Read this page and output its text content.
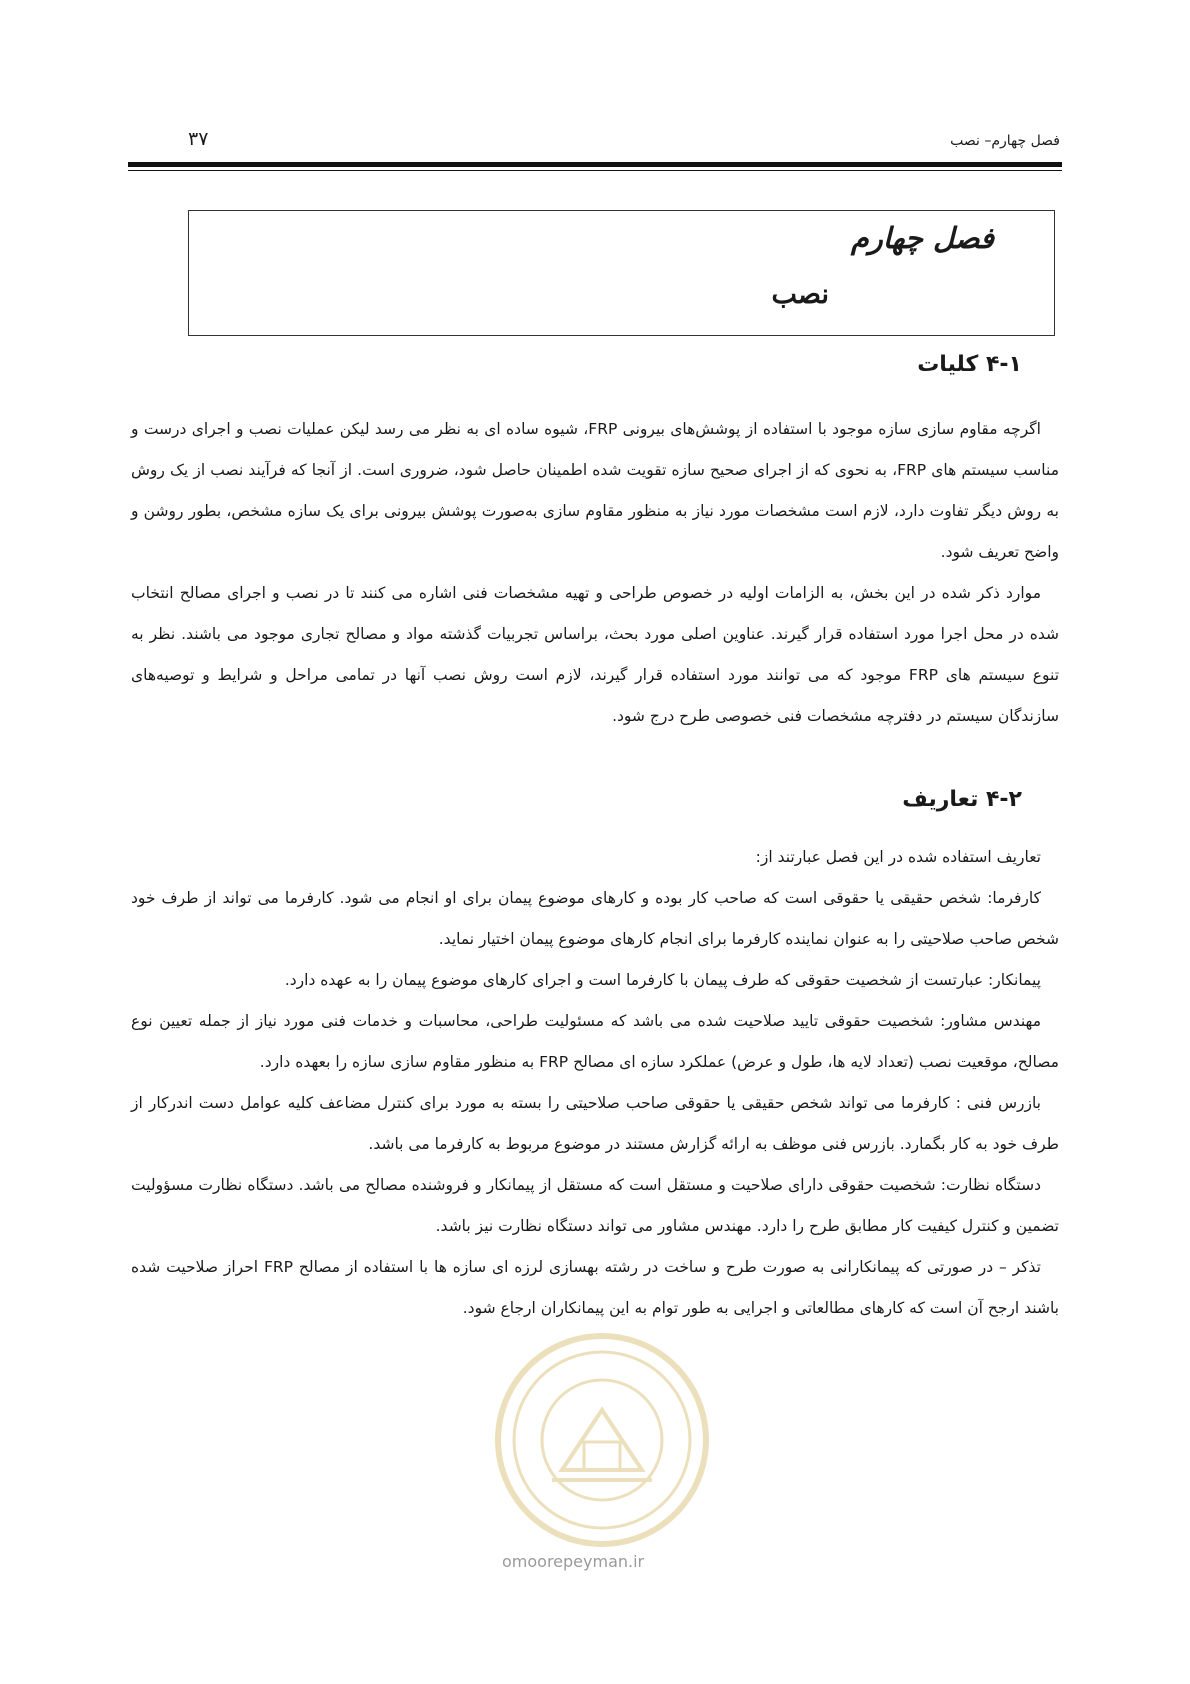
فصل چهارم– نصب
۳۷
فصل چهارم
نصب
۴-۱ کلیات

اگرچه مقاوم سازی سازه موجود با استفاده از پوشش‌های بیرونی FRP، شیوه ساده ای به نظر می رسد لیکن عملیات نصب و اجرای درست و مناسب سیستم های FRP، به نحوی که از اجرای صحیح سازه تقویت شده اطمینان حاصل شود، ضروری است. از آنجا که فرآیند نصب از یک روش به روش دیگر تفاوت دارد، لازم است مشخصات مورد نیاز به منظور مقاوم سازی به‌صورت پوشش بیرونی برای یک سازه مشخص، بطور روشن و واضح تعریف شود.

موارد ذکر شده در این بخش، به الزامات اولیه در خصوص طراحی و تهیه مشخصات فنی اشاره می کنند تا در نصب و اجرای مصالح انتخاب شده در محل اجرا مورد استفاده قرار گیرند. عناوین اصلی مورد بحث، براساس تجربیات گذشته مواد و مصالح تجاری موجود می باشند. نظر به تنوع سیستم های FRP موجود که می توانند مورد استفاده قرار گیرند، لازم است روش نصب آنها در تمامی مراحل و شرایط و توصیه‌های سازندگان سیستم در دفترچه مشخصات فنی خصوصی طرح درج شود.

۴-۲ تعاریف

تعاریف استفاده شده در این فصل عبارتند از:

کارفرما: شخص حقیقی یا حقوقی است که صاحب کار بوده و کارهای موضوع پیمان برای او انجام می شود. کارفرما می تواند از طرف خود شخص صاحب صلاحیتی را به عنوان نماینده کارفرما برای انجام کارهای موضوع پیمان اختیار نماید.

پیمانکار: عبارتست از شخصیت حقوقی که طرف پیمان با کارفرما است و اجرای کارهای موضوع پیمان را به عهده دارد.

مهندس مشاور: شخصیت حقوقی تایید صلاحیت شده می باشد که مسئولیت طراحی، محاسبات و خدمات فنی مورد نیاز از جمله تعیین نوع مصالح، موقعیت نصب (تعداد لایه ها، طول و عرض) عملکرد سازه ای مصالح FRP به منظور مقاوم سازی سازه را بعهده دارد.

بازرس فنی : کارفرما می تواند شخص حقیقی یا حقوقی صاحب صلاحیتی را بسته به مورد برای کنترل مضاعف کلیه عوامل دست اندرکار از طرف خود به کار بگمارد. بازرس فنی موظف به ارائه گزارش مستند در موضوع مربوط به کارفرما می باشد.

دستگاه نظارت: شخصیت حقوقی دارای صلاحیت و مستقل است که مستقل از پیمانکار و فروشنده مصالح می باشد. دستگاه نظارت مسؤولیت تضمین و کنترل کیفیت کار مطابق طرح را دارد. مهندس مشاور می تواند دستگاه نظارت نیز باشد.

تذکر – در صورتی که پیمانکارانی به صورت طرح و ساخت در رشته بهسازی لرزه ای سازه ها با استفاده از مصالح FRP احراز صلاحیت شده باشند ارجح آن است که کارهای مطالعاتی و اجرایی به طور توام به این پیمانکاران ارجاع شود.

omoorepeyman.ir
